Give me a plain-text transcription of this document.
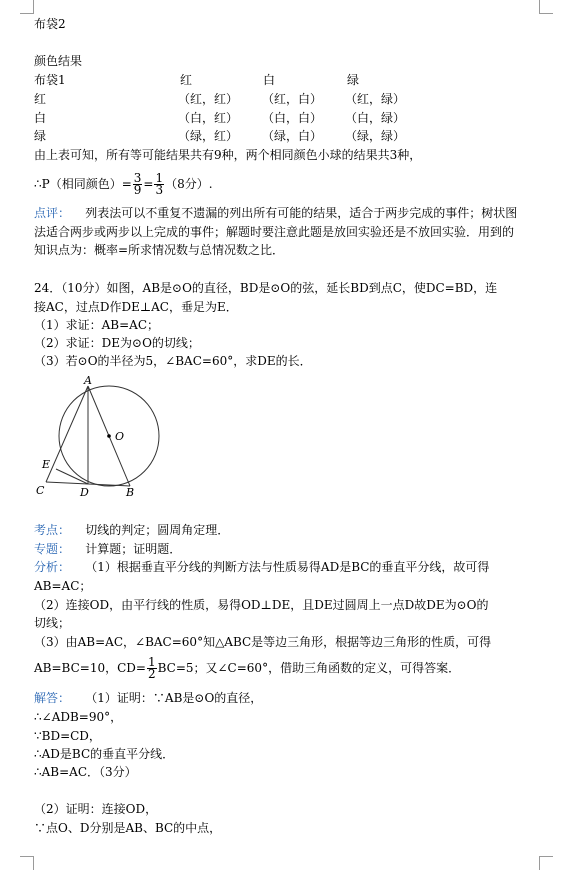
布袋2
颜色结果
布袋1	红	白	绿
红	（红，红） （红，白） （红，绿）
白	（白，红） （白，白） （白，绿）
绿	（绿，红） （绿，白） （绿，绿）
由上表可知，所有等可能结果共有9种，两个相同颜色小球的结果共3种，
∴P（相同颜色）= $\frac{3}{9} = \frac{1}{3} (8$分）.
点评： 列表法可以不重复不遗漏的列出所有可能的结果，适合于两步完成的事件；树状图
法适合两步或两步以上完成的事件；解题时要注意此题是放回实验还是不放回实验．用到的
知识点为：概率=所求情况数与总情况数之比．
24．（10分）如图，AB是⊙O的直径，BD是⊙O的弦，延长BD到点C，使DC=BD，连
接AC，过点D作DE⊥AC，垂足为E．
（1）求证：AB=AC；
（2）求证：DE为⊙O的切线；
（3）若⊙O的半径为5，∠BAC=60°，求DE的长．
A
O
E
C	D	B
考点： 切线的判定；圆周角定理．
专题： 计算题；证明题．
分析： （1）根据垂直平分线的判断方法与性质易得AD是BC的垂直平分线，故可得
AB=AC；
（2）连接OD，由平行线的性质，易得OD⊥DE，且DE过圆周上一点D故DE为⊙O的
切线；
（3）由AB=AC，∠BAC=60°知△ABC是等边三角形，根据等边三角形的性质，可得
AB=BC=10，$CD= \frac{1}{2} BC=5$；又∠C=60°，借助三角函数的定义，可得答案．
解答： （1）证明：∵AB是⊙O的直径，
∴∠ADB=90°，
∵BD=CD，
∴AD是BC的垂直平分线．
∴AB=AC．（3分）
（2）证明：连接OD，
∵点O、D分别是AB、BC的中点，
